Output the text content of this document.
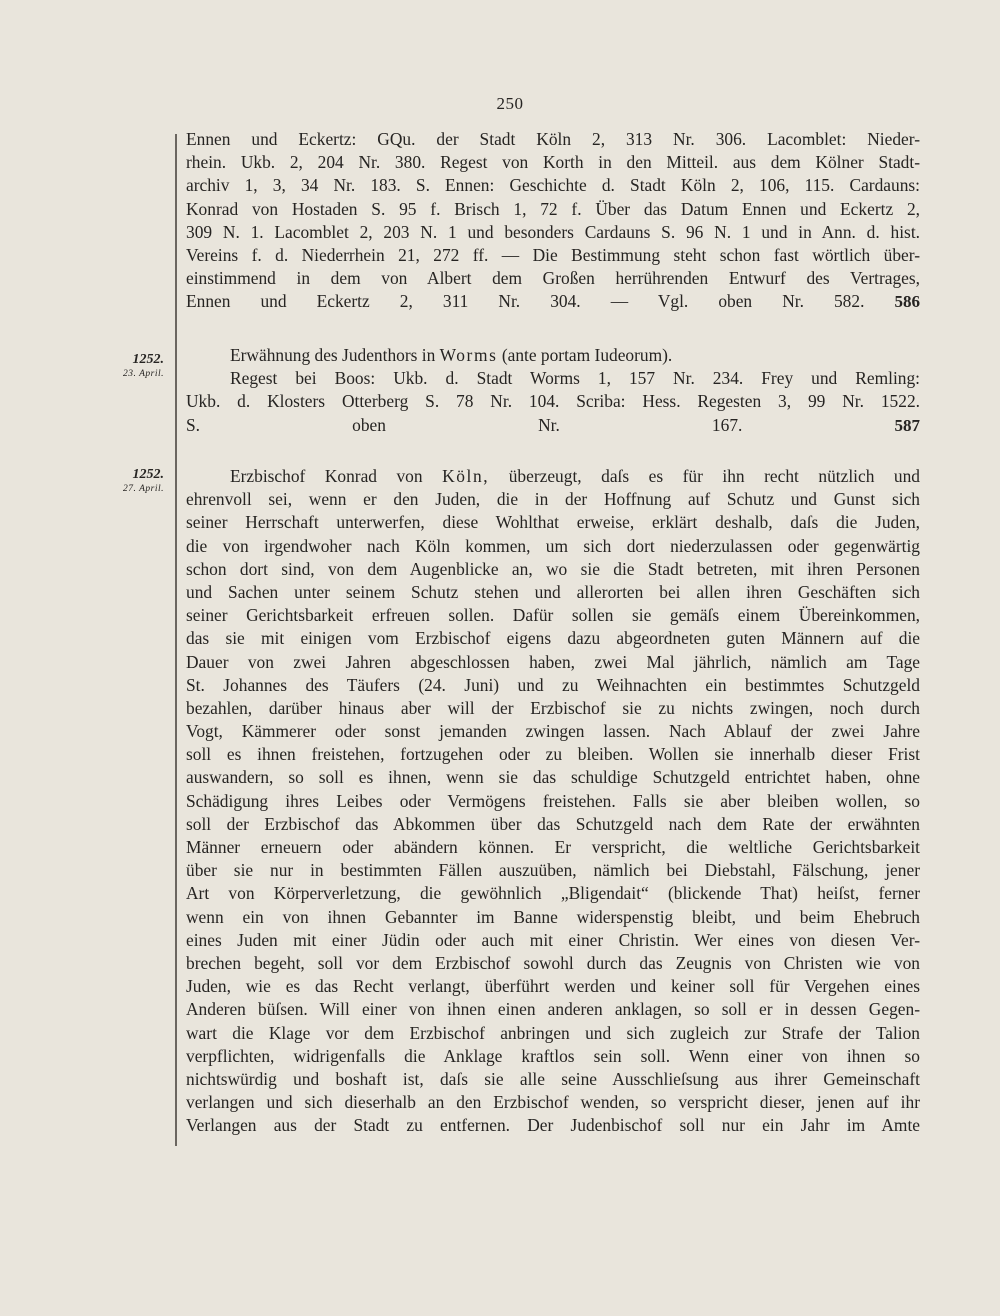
250
Ennen und Eckertz: GQu. der Stadt Köln 2, 313 Nr. 306. Lacomblet: Nieder-
rhein. Ukb. 2, 204 Nr. 380. Regest von Korth in den Mitteil. aus dem Kölner Stadt-
archiv 1, 3, 34 Nr. 183. S. Ennen: Geschichte d. Stadt Köln 2, 106, 115. Cardauns:
Konrad von Hostaden S. 95 f. Brisch 1, 72 f. Über das Datum Ennen und Eckertz 2,
309 N. 1. Lacomblet 2, 203 N. 1 und besonders Cardauns S. 96 N. 1 und in Ann. d. hist.
Vereins f. d. Niederrhein 21, 272 ff. — Die Bestimmung steht schon fast wörtlich über-
einstimmend in dem von Albert dem Großen herrührenden Entwurf des Vertrages,
Ennen und Eckertz 2, 311 Nr. 304. — Vgl. oben Nr. 582. 586
1252.
23. April.
Erwähnung des Judenthors in Worms (ante portam Iudeorum).
Regest bei Boos: Ukb. d. Stadt Worms 1, 157 Nr. 234. Frey und Remling:
Ukb. d. Klosters Otterberg S. 78 Nr. 104. Scriba: Hess. Regesten 3, 99 Nr. 1522.
S. oben Nr. 167.	587
1252.
27. April.
Erzbischof Konrad von Köln, überzeugt, daſs es für ihn recht nützlich und
ehrenvoll sei, wenn er den Juden, die in der Hoffnung auf Schutz und Gunst sich
seiner Herrschaft unterwerfen, diese Wohlthat erweise, erklärt deshalb, daſs die Juden,
die von irgendwoher nach Köln kommen, um sich dort niederzulassen oder gegenwärtig
schon dort sind, von dem Augenblicke an, wo sie die Stadt betreten, mit ihren Personen
und Sachen unter seinem Schutz stehen und allerorten bei allen ihren Geschäften sich
seiner Gerichtsbarkeit erfreuen sollen. Dafür sollen sie gemäſs einem Übereinkommen,
das sie mit einigen vom Erzbischof eigens dazu abgeordneten guten Männern auf die
Dauer von zwei Jahren abgeschlossen haben, zwei Mal jährlich, nämlich am Tage
St. Johannes des Täufers (24. Juni) und zu Weihnachten ein bestimmtes Schutzgeld
bezahlen, darüber hinaus aber will der Erzbischof sie zu nichts zwingen, noch durch
Vogt, Kämmerer oder sonst jemanden zwingen lassen. Nach Ablauf der zwei Jahre
soll es ihnen freistehen, fortzugehen oder zu bleiben. Wollen sie innerhalb dieser Frist
auswandern, so soll es ihnen, wenn sie das schuldige Schutzgeld entrichtet haben, ohne
Schädigung ihres Leibes oder Vermögens freistehen. Falls sie aber bleiben wollen, so
soll der Erzbischof das Abkommen über das Schutzgeld nach dem Rate der erwähnten
Männer erneuern oder abändern können. Er verspricht, die weltliche Gerichtsbarkeit
über sie nur in bestimmten Fällen auszuüben, nämlich bei Diebstahl, Fälschung, jener
Art von Körperverletzung, die gewöhnlich „Bligendait“ (blickende That) heiſst, ferner
wenn ein von ihnen Gebannter im Banne widerspenstig bleibt, und beim Ehebruch
eines Juden mit einer Jüdin oder auch mit einer Christin. Wer eines von diesen Ver-
brechen begeht, soll vor dem Erzbischof sowohl durch das Zeugnis von Christen wie von
Juden, wie es das Recht verlangt, überführt werden und keiner soll für Vergehen eines
Anderen büſsen. Will einer von ihnen einen anderen anklagen, so soll er in dessen Gegen-
wart die Klage vor dem Erzbischof anbringen und sich zugleich zur Strafe der Talion
verpflichten, widrigenfalls die Anklage kraftlos sein soll. Wenn einer von ihnen so
nichtswürdig und boshaft ist, daſs sie alle seine Ausschlieſsung aus ihrer Gemeinschaft
verlangen und sich dieserhalb an den Erzbischof wenden, so verspricht dieser, jenen auf ihr
Verlangen aus der Stadt zu entfernen. Der Judenbischof soll nur ein Jahr im Amte
